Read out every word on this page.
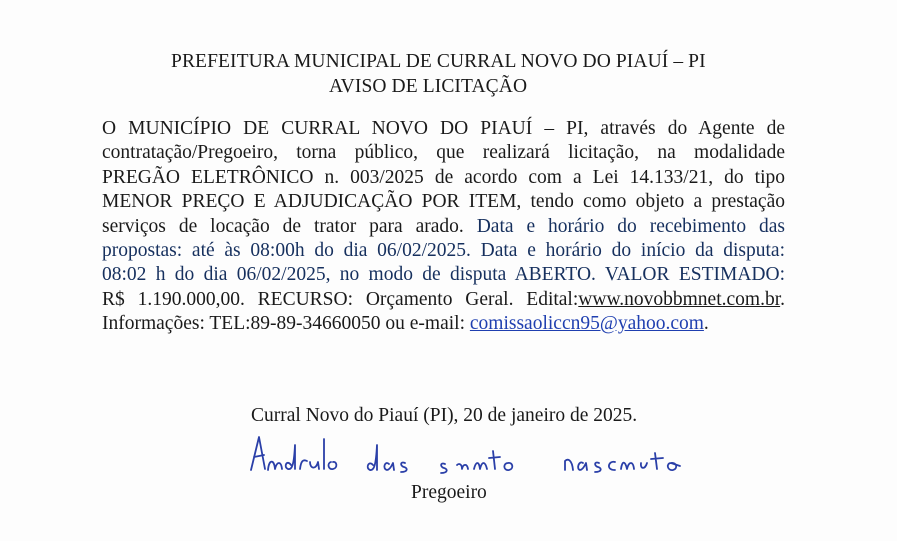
PREFEITURA MUNICIPAL DE CURRAL NOVO DO PIAUÍ – PI
AVISO DE LICITAÇÃO
O MUNICÍPIO DE CURRAL NOVO DO PIAUÍ – PI, através do Agente de
contratação/Pregoeiro, torna público, que realizará licitação, na modalidade
PREGÃO ELETRÔNICO n. 003/2025 de acordo com a Lei 14.133/21, do tipo
MENOR PREÇO E ADJUDICAÇÃO POR ITEM, tendo como objeto a prestação
serviços de locação de trator para arado. Data e horário do recebimento das
propostas: até às 08:00h do dia 06/02/2025. Data e horário do início da disputa:
08:02 h do dia 06/02/2025, no modo de disputa ABERTO. VALOR ESTIMADO:
R$ 1.190.000,00. RECURSO: Orçamento Geral. Edital:www.novobbmnet.com.br.
Informações: TEL:89-89-34660050 ou e-mail: comissaoliccn95@yahoo.com.
Curral Novo do Piauí (PI), 20 de janeiro de 2025.
Pregoeiro
